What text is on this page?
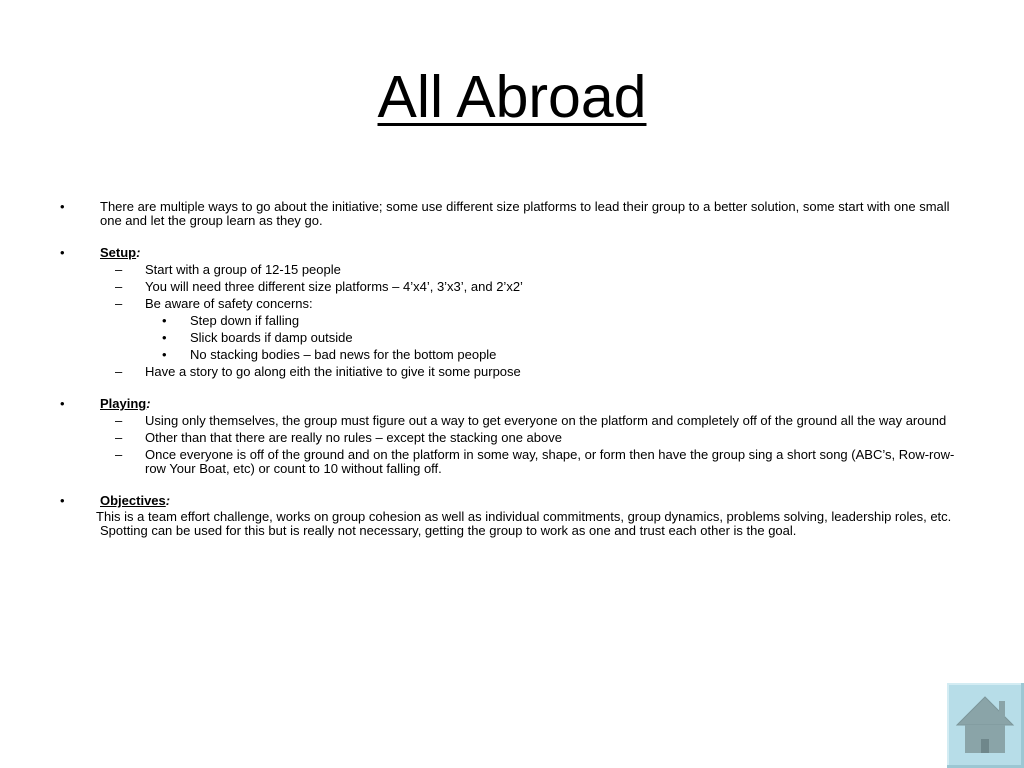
All Abroad
•	There are multiple ways to go about the initiative; some use different size platforms to lead their group to a better solution, some start with one small one and let the group learn as they go.
•	Setup:
– Start with a group of 12-15 people
– You will need three different size platforms – 4’x4’, 3’x3’, and 2’x2’
– Be aware of safety concerns:
• Step down if falling
• Slick boards if damp outside
• No stacking bodies – bad news for the bottom people
– Have a story to go along eith the initiative to give it some purpose
•	Playing:
– Using only themselves, the group must figure out a way to get everyone on the platform and completely off of the ground all the way around
– Other than that there are really no rules – except the stacking one above
– Once everyone is off of the ground and on the platform in some way, shape, or form then have the group sing a short song (ABC’s, Row-row-row Your Boat, etc) or count to 10 without falling off.
•	Objectives:
This is a team effort challenge, works on group cohesion as well as individual commitments, group dynamics, problems solving, leadership roles, etc. Spotting can be used for this but is really not necessary, getting the group to work as one and trust each other is the goal.
